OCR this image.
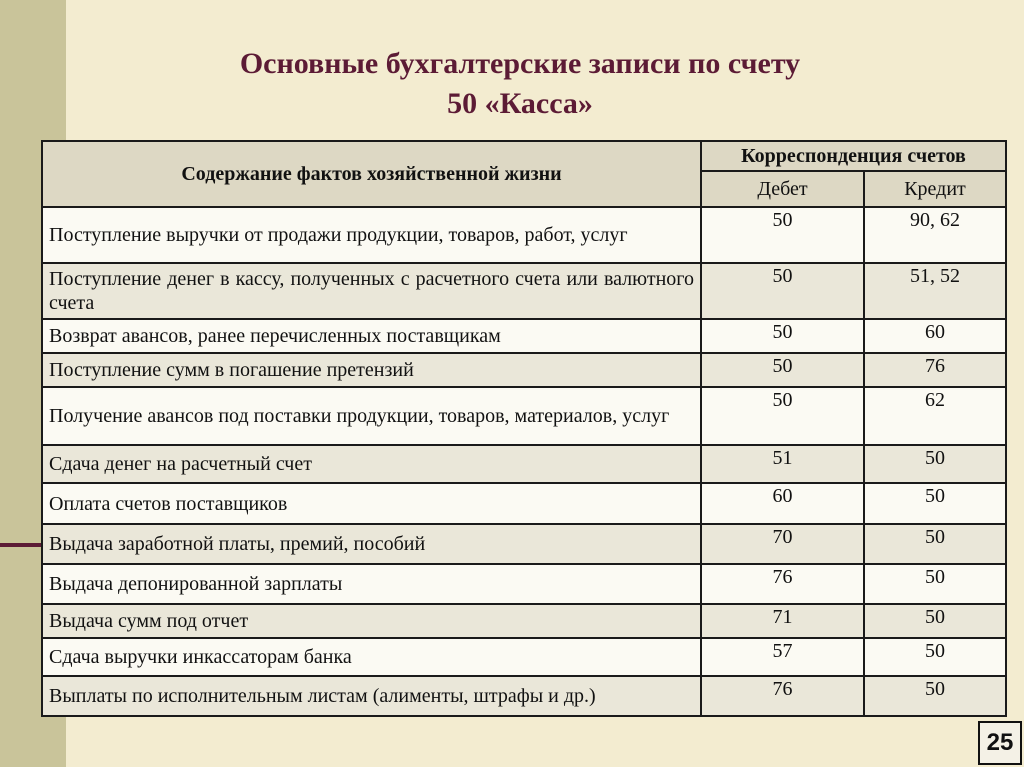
Основные бухгалтерские записи по счету
50 «Касса»
Содержание фактов хозяйственной жизни	Корреспонденция счетов	
	Дебет	Кредит
Поступление выручки от продажи продукции, товаров, работ, услуг	50	90, 62
Поступление денег в кассу, полученных с расчетного счета или валютного счета	50	51, 52
Возврат авансов, ранее перечисленных поставщикам	50	60
Поступление сумм в погашение претензий	50	76
Получение авансов под поставки продукции, товаров, материалов, услуг	50	62
Сдача денег на расчетный счет	51	50
Оплата счетов поставщиков	60	50
Выдача заработной платы, премий, пособий	70	50
Выдача депонированной зарплаты	76	50
Выдача сумм под отчет	71	50
Сдача выручки инкассаторам банка	57	50
Выплаты по исполнительным листам (алименты, штрафы и др.)	76	50
25
